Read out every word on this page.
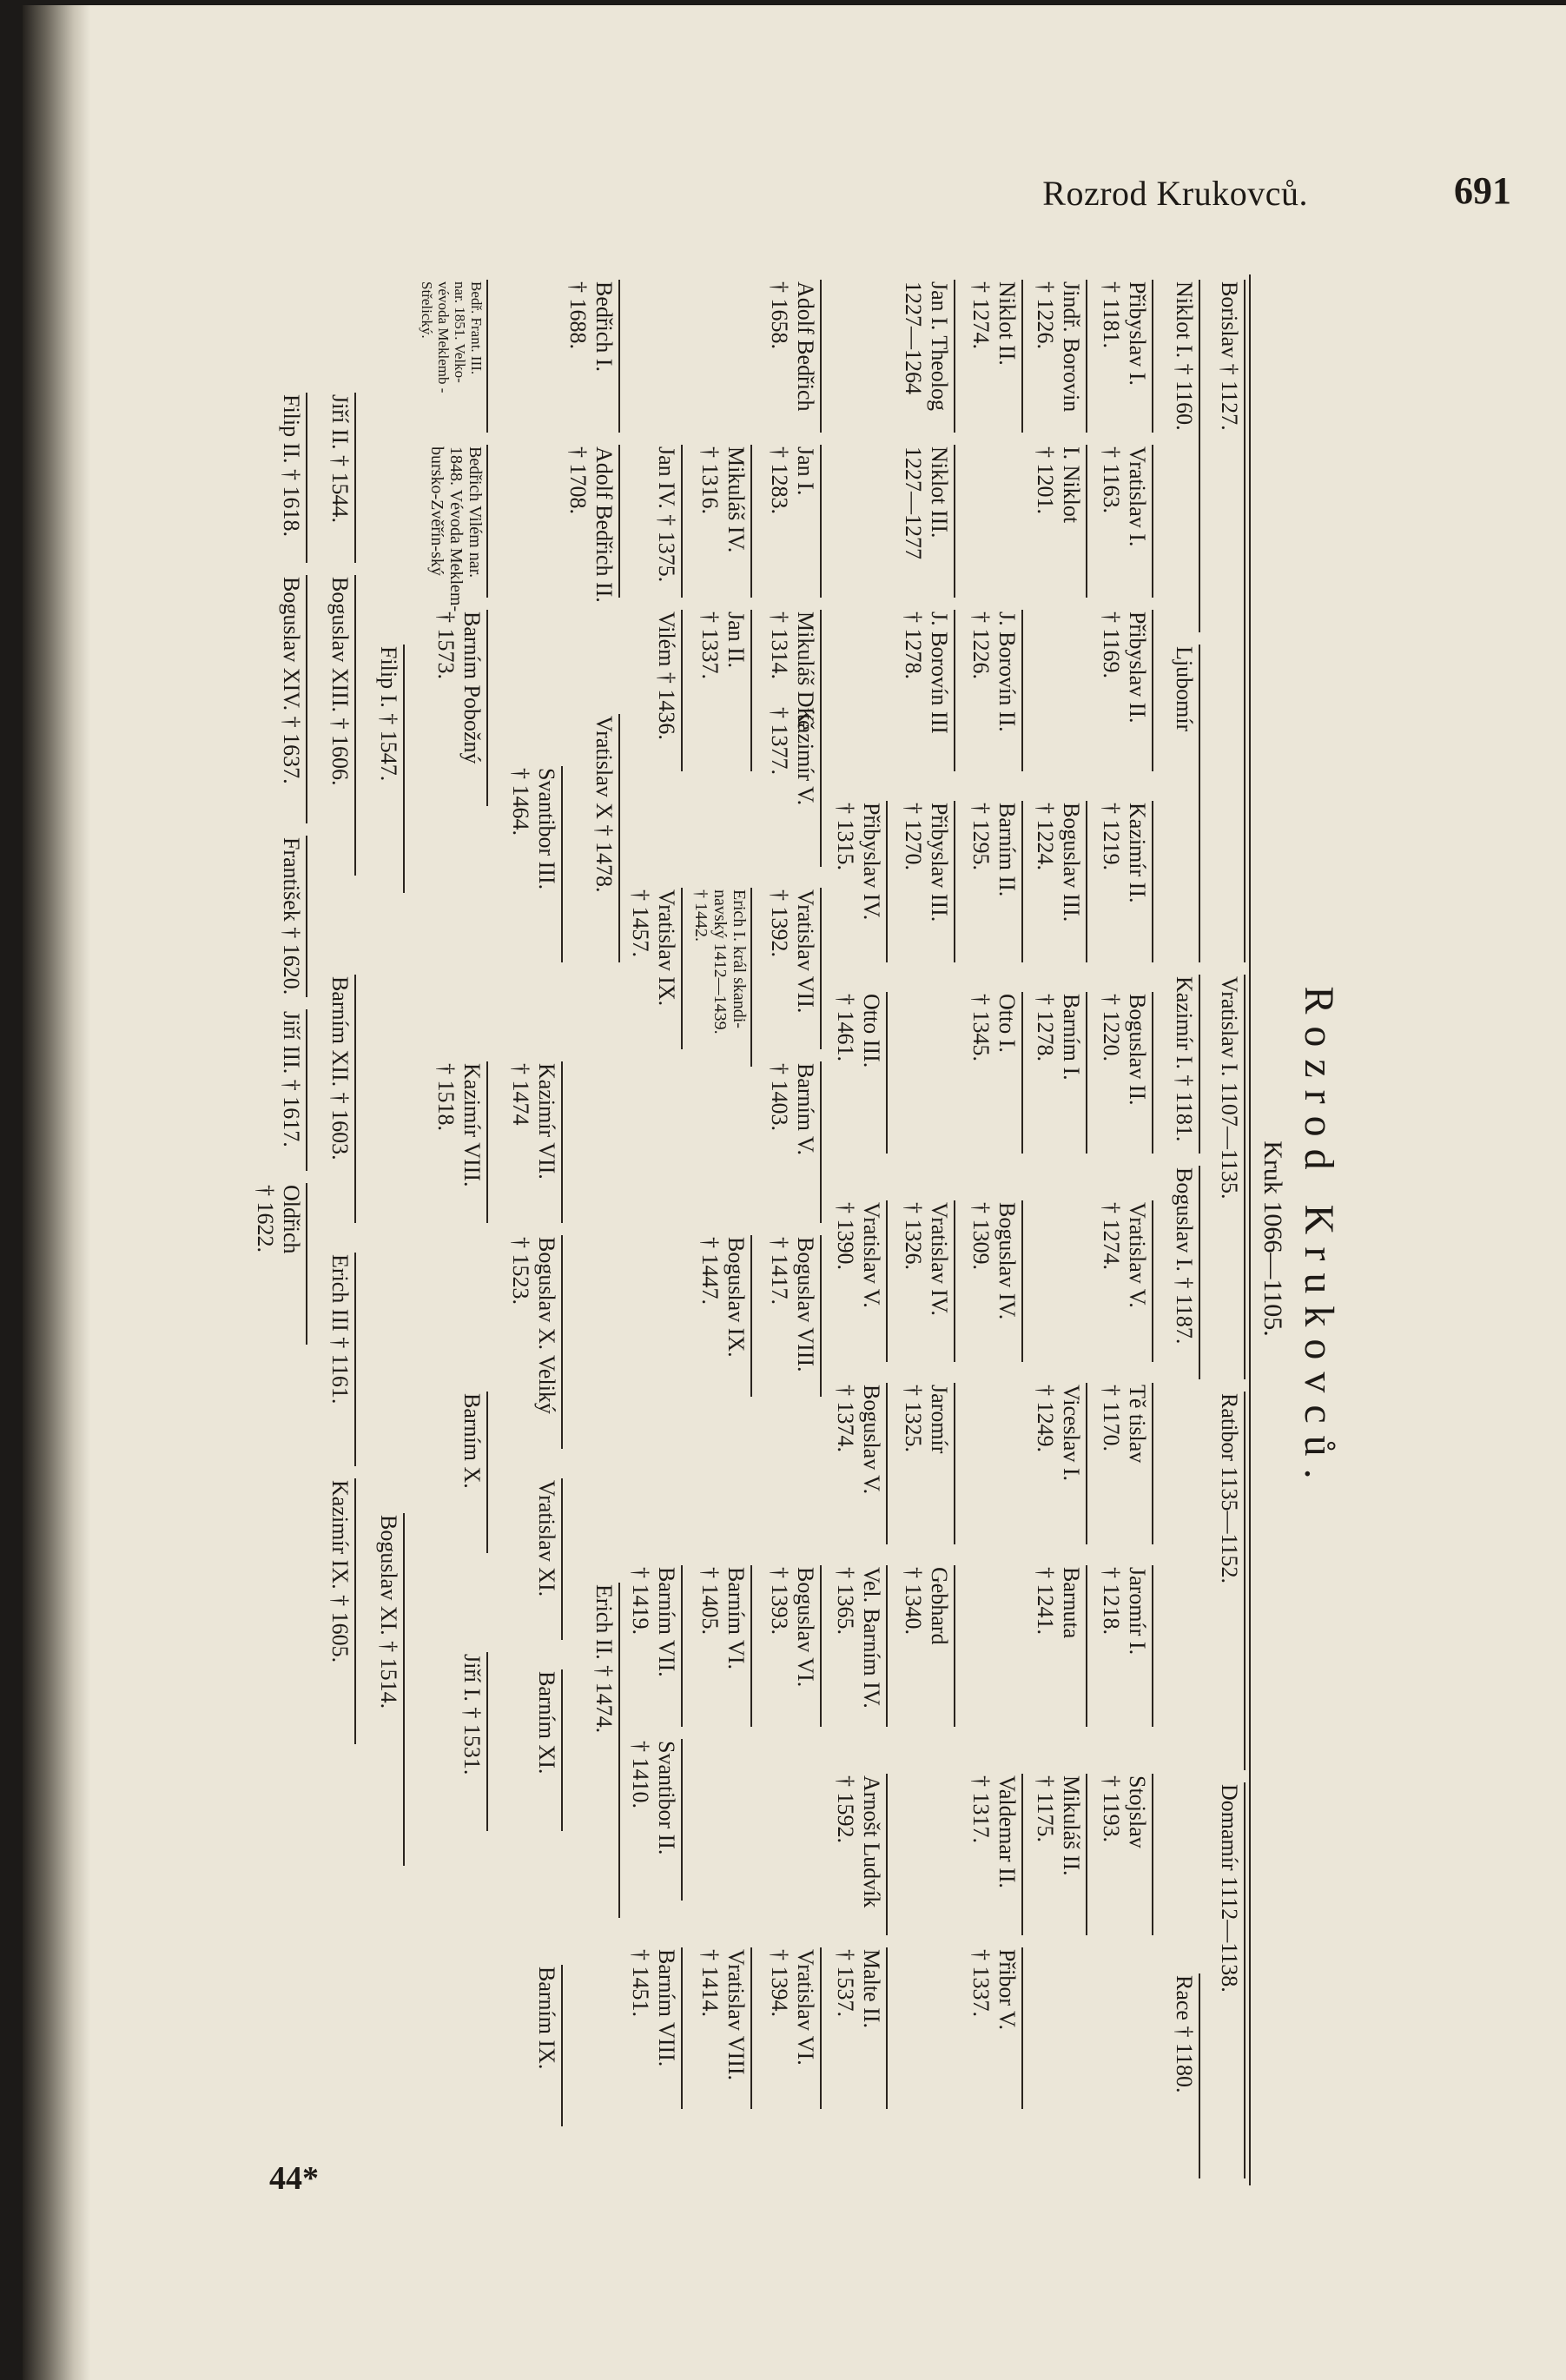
Rozrod Krukovců.	691
Rozrod Krukovců.
Kruk 1066—1105.
Borislav † 1127.
Vratislav I. 1107—1135.
Ratibor 1135—1152.
Domamír 1112—1138.
Niklot I. † 1160.
Ljubomír
Kazimír I. † 1181.
Boguslav I. † 1187.
Race † 1180.
Přibyslav I.
† 1181.
Vratislav I.
† 1163.
Přibyslav II.
† 1169.
Kazimír II.
† 1219.
Boguslav II.
† 1220.
Vratislav V.
† 1274.
Tě tislav
† 1170.
Jaromír I.
† 1218.
Stojslav
† 1193.
Jindř. Borovin
† 1226.
I. Niklot
† 1201.
Boguslav III.
† 1224.
Barním I.
† 1278.
Viceslav I.
† 1249.
Barnuta
† 1241.
Mikuláš II.
† 1175.
Niklot II.
† 1274.
J. Borovín II.
† 1226.
Barním II.
† 1295.
Otto I.
† 1345.
Boguslav IV.
† 1309.
Valdemar II.
† 1317.
Přibor V.
† 1337.
Jan I. Theolog
1227—1264
Niklot III.
1227—1277
J. Borovín III
† 1278.
Přibyslav III.
† 1270.
Vratislav IV.
† 1326.
Jaromír
† 1325.
Gebhard
† 1340.
Přibyslav IV.
† 1315.
Otto III.
† 1461.
Vratislav V.
† 1390.
Boguslav V.
† 1374.
Vel. Barním IV.
† 1365.
Arnošt Ludvík
† 1592.
Malte II.
† 1537.
Adolf Bedřich
† 1658.
Jan I.
† 1283.
Mikuláš Dítě
† 1314.
Kazimír V.
† 1377.
Vratislav VII.
† 1392.
Barním V.
† 1403.
Boguslav VIII.
† 1417.
Boguslav VI.
† 1393.
Vratislav VI.
† 1394.
Mikuláš IV.
† 1316.
Jan II.
† 1337.
Erich I. král skandi-
navský 1412—1439.
† 1442.
Boguslav IX.
† 1447.
Barním VI.
† 1405.
Vratislav VIII.
† 1414.
Jan IV. † 1375.
Vilém † 1436.
Vratislav IX.
† 1457.
Barním VII.
† 1419.
Svantibor II.
† 1410.
Barním VIII.
† 1451.
Bedřich I.
† 1688.
Adolf Bedřich II.
† 1708.
Vratislav X † 1478.
Erich II. † 1474.
Svantibor III.
† 1464.
Kazimír VII.
† 1474
Boguslav X. Veliký
† 1523.
Vratislav XI.
Barním XI.
Barním IX.
Bedř. Frant. III.
nar. 1851. Velko-
vévoda Meklemb -
Střelický.
Bedřich Vilém nar.
1848. Vévoda Meklem-
bursko-Zvěřín-ský
Barním Pobožný
† 1573.
Kazimír VIII.
† 1518.
Barním X.
Jiří I. † 1531.
Filip I. † 1547.
Boguslav XI. † 1514.
Jiří II. † 1544.
Boguslav XIII. † 1606.
Barním XII. † 1603.
Erich III † 1161.
Kazimír IX. † 1605.
Filip II. † 1618.
Boguslav XIV. † 1637.
František † 1620.
Jiří III. † 1617.
Oldřich
† 1622.
44*
